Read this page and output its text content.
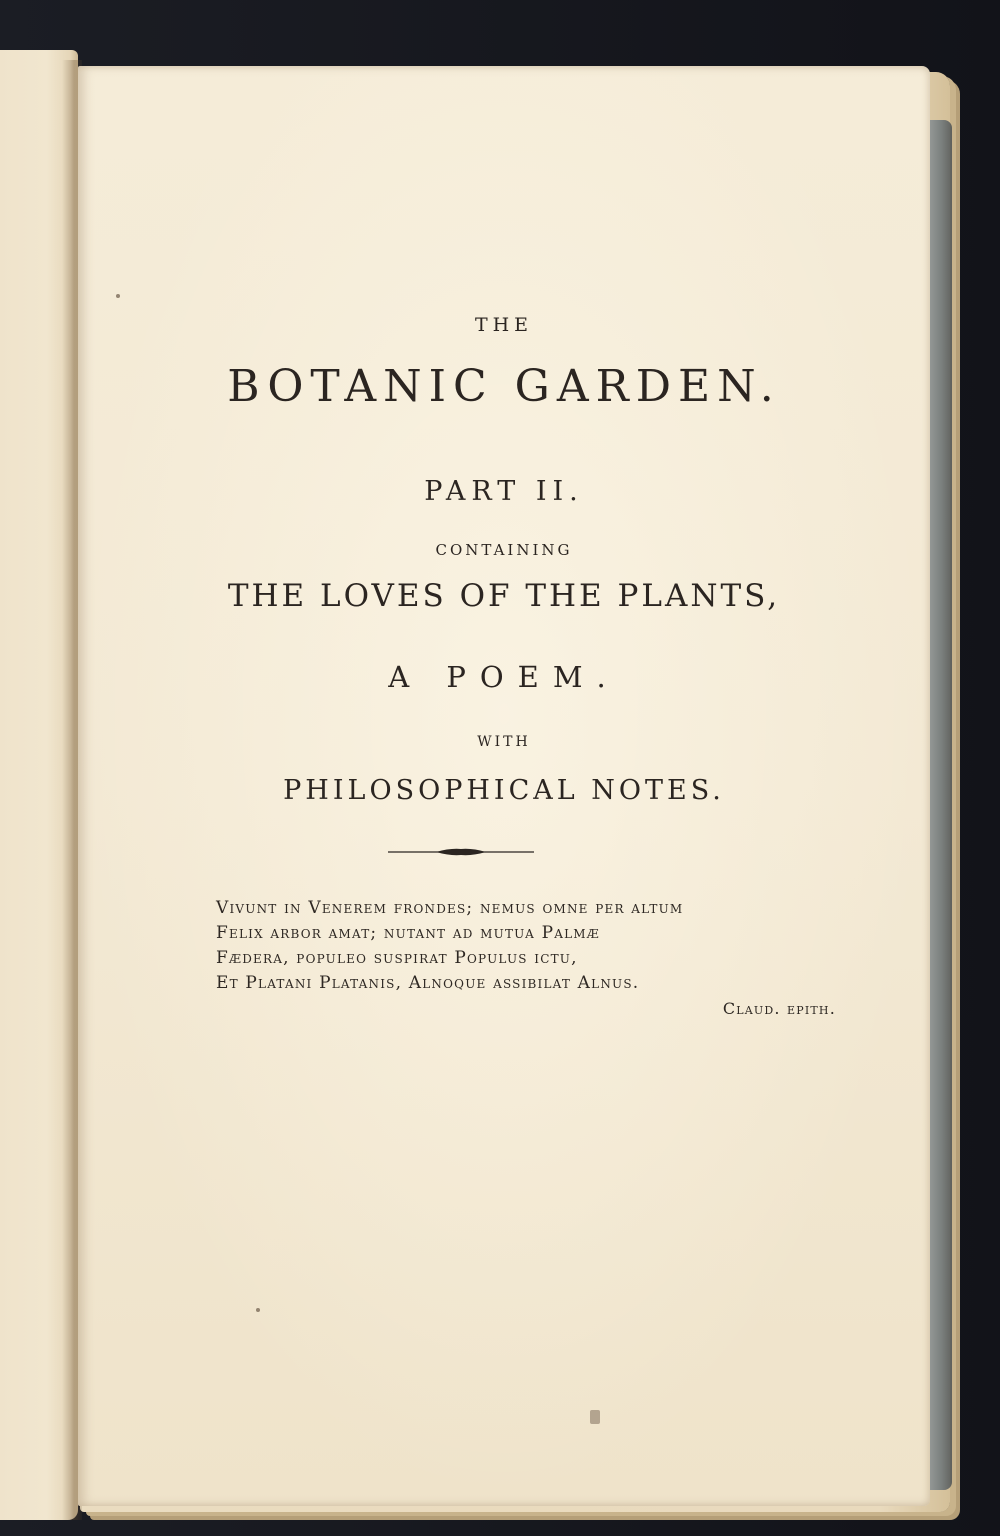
THE
BOTANIC GARDEN.
PART II.
CONTAINING
THE LOVES OF THE PLANTS,
A POEM.
WITH
PHILOSOPHICAL NOTES.
Vivunt in Venerem frondes; nemus omne per altum
Felix arbor amat; nutant ad mutua Palmæ
Fædera, populeo suspirat Populus ictu,
Et Platani Platanis, Alnoque assibilat Alnus.
Claud. epith.
